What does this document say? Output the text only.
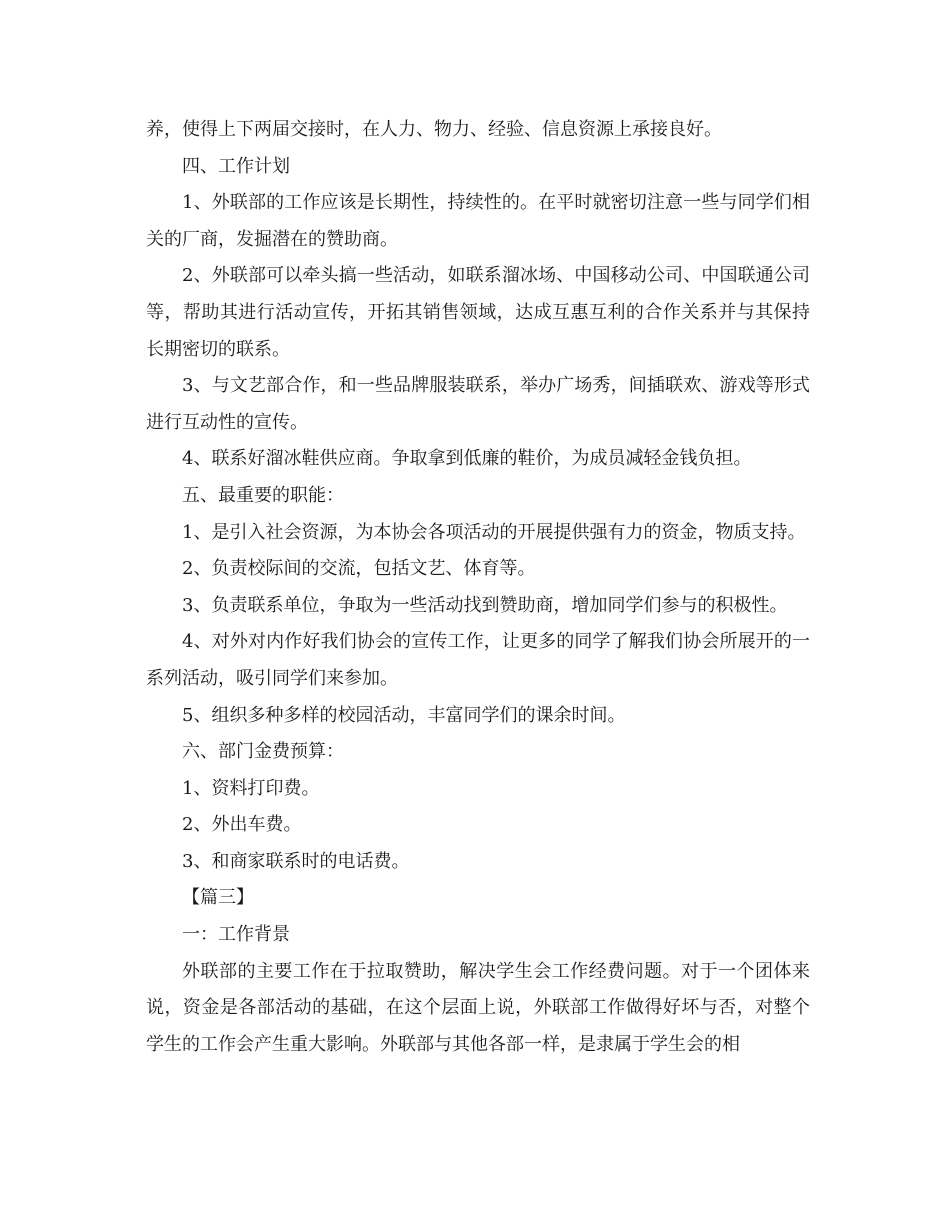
养，使得上下两届交接时，在人力、物力、经验、信息资源上承接良好。

四、工作计划

1、外联部的工作应该是长期性，持续性的。在平时就密切注意一些与同学们相关的厂商，发掘潜在的赞助商。

2、外联部可以牵头搞一些活动，如联系溜冰场、中国移动公司、中国联通公司等，帮助其进行活动宣传，开拓其销售领域，达成互惠互利的合作关系并与其保持长期密切的联系。

3、与文艺部合作，和一些品牌服装联系，举办广场秀，间插联欢、游戏等形式进行互动性的宣传。

4、联系好溜冰鞋供应商。争取拿到低廉的鞋价，为成员减轻金钱负担。

五、最重要的职能：

1、是引入社会资源，为本协会各项活动的开展提供强有力的资金，物质支持。

2、负责校际间的交流，包括文艺、体育等。

3、负责联系单位，争取为一些活动找到赞助商，增加同学们参与的积极性。

4、对外对内作好我们协会的宣传工作，让更多的同学了解我们协会所展开的一系列活动，吸引同学们来参加。

5、组织多种多样的校园活动，丰富同学们的课余时间。

六、部门金费预算：

1、资料打印费。

2、外出车费。

3、和商家联系时的电话费。

【篇三】

一：工作背景

外联部的主要工作在于拉取赞助，解决学生会工作经费问题。对于一个团体来说，资金是各部活动的基础，在这个层面上说，外联部工作做得好坏与否，对整个学生的工作会产生重大影响。外联部与其他各部一样，是隶属于学生会的相
